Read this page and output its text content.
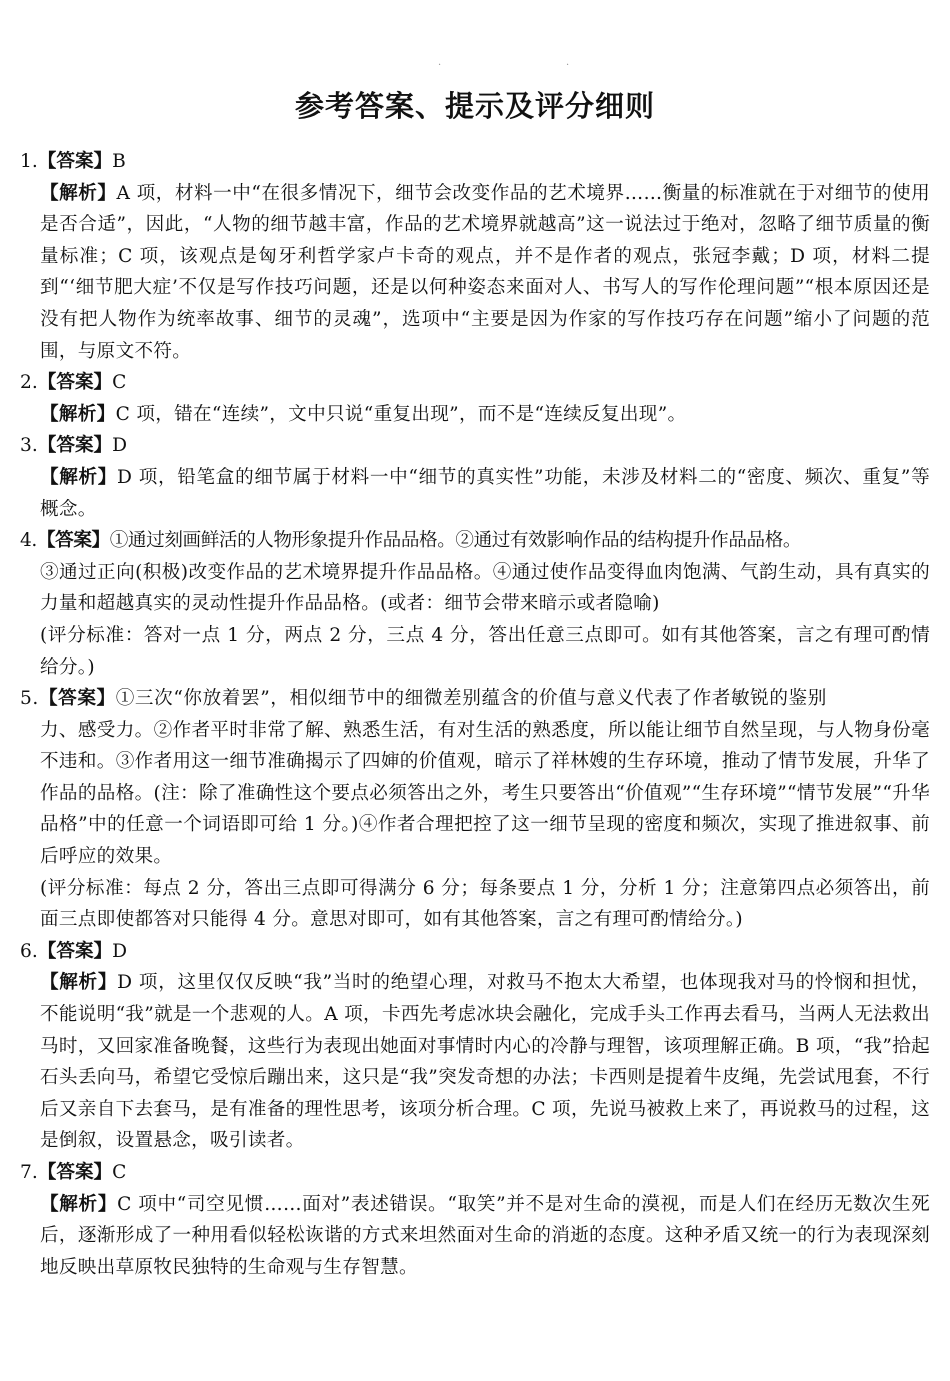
·	·
参考答案、提示及评分细则

1.【答案】B

【解析】A 项，材料一中“在很多情况下，细节会改变作品的艺术境界……衡量的标准就在于对细节的使用是否合适”，因此，“人物的细节越丰富，作品的艺术境界就越高”这一说法过于绝对，忽略了细节质量的衡量标准；C 项，该观点是匈牙利哲学家卢卡奇的观点，并不是作者的观点，张冠李戴；D 项，材料二提到“‘细节肥大症’不仅是写作技巧问题，还是以何种姿态来面对人、书写人的写作伦理问题”“根本原因还是没有把人物作为统率故事、细节的灵魂”，选项中“主要是因为作家的写作技巧存在问题”缩小了问题的范围，与原文不符。

2.【答案】C

【解析】C 项，错在“连续”，文中只说“重复出现”，而不是“连续反复出现”。

3.【答案】D

【解析】D 项，铅笔盒的细节属于材料一中“细节的真实性”功能，未涉及材料二的“密度、频次、重复”等概念。

4.【答案】①通过刻画鲜活的人物形象提升作品品格。②通过有效影响作品的结构提升作品品格。

③通过正向(积极)改变作品的艺术境界提升作品品格。④通过使作品变得血肉饱满、气韵生动，具有真实的力量和超越真实的灵动性提升作品品格。(或者：细节会带来暗示或者隐喻)

(评分标准：答对一点 1 分，两点 2 分，三点 4 分，答出任意三点即可。如有其他答案，言之有理可酌情给分。)

5.【答案】①三次“你放着罢”，相似细节中的细微差别蕴含的价值与意义代表了作者敏锐的鉴别

力、感受力。②作者平时非常了解、熟悉生活，有对生活的熟悉度，所以能让细节自然呈现，与人物身份毫不违和。③作者用这一细节准确揭示了四婶的价值观，暗示了祥林嫂的生存环境，推动了情节发展，升华了作品的品格。(注：除了准确性这个要点必须答出之外，考生只要答出“价值观”“生存环境”“情节发展”“升华品格”中的任意一个词语即可给 1 分。)④作者合理把控了这一细节呈现的密度和频次，实现了推进叙事、前后呼应的效果。

(评分标准：每点 2 分，答出三点即可得满分 6 分；每条要点 1 分，分析 1 分；注意第四点必须答出，前面三点即使都答对只能得 4 分。意思对即可，如有其他答案，言之有理可酌情给分。)

6.【答案】D

【解析】D 项，这里仅仅反映“我”当时的绝望心理，对救马不抱太大希望，也体现我对马的怜悯和担忧，不能说明“我”就是一个悲观的人。A 项，卡西先考虑冰块会融化，完成手头工作再去看马，当两人无法救出马时，又回家准备晚餐，这些行为表现出她面对事情时内心的冷静与理智，该项理解正确。B 项，“我”拾起石头丢向马，希望它受惊后蹦出来，这只是“我”突发奇想的办法；卡西则是提着牛皮绳，先尝试甩套，不行后又亲自下去套马，是有准备的理性思考，该项分析合理。C 项，先说马被救上来了，再说救马的过程，这是倒叙，设置悬念，吸引读者。

7.【答案】C

【解析】C 项中“司空见惯……面对”表述错误。“取笑”并不是对生命的漠视，而是人们在经历无数次生死后，逐渐形成了一种用看似轻松诙谐的方式来坦然面对生命的消逝的态度。这种矛盾又统一的行为表现深刻地反映出草原牧民独特的生命观与生存智慧。
